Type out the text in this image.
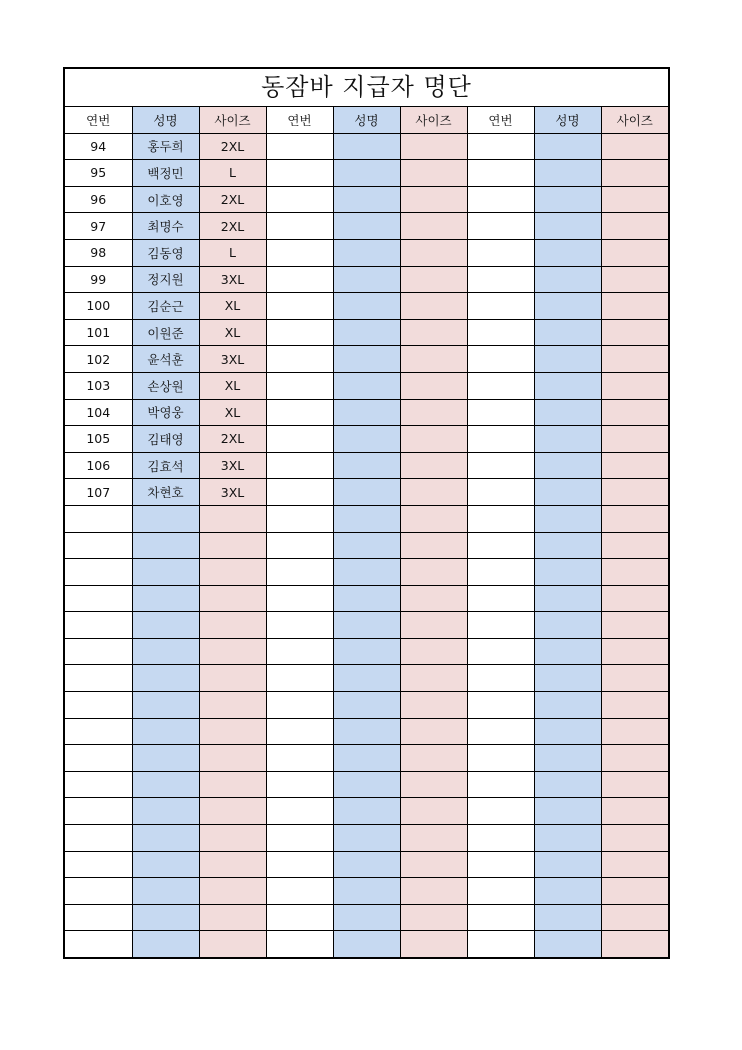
동잠바 지급자 명단
연번	성명	사이즈	연번	성명	사이즈	연번	성명	사이즈
94	홍두희	2XL						
95	백정민	L						
96	이호영	2XL						
97	최명수	2XL						
98	김동영	L						
99	정지원	3XL						
100	김순근	XL						
101	이원준	XL						
102	윤석훈	3XL						
103	손상원	XL						
104	박영웅	XL						
105	김태영	2XL						
106	김효석	3XL						
107	차현호	3XL						
